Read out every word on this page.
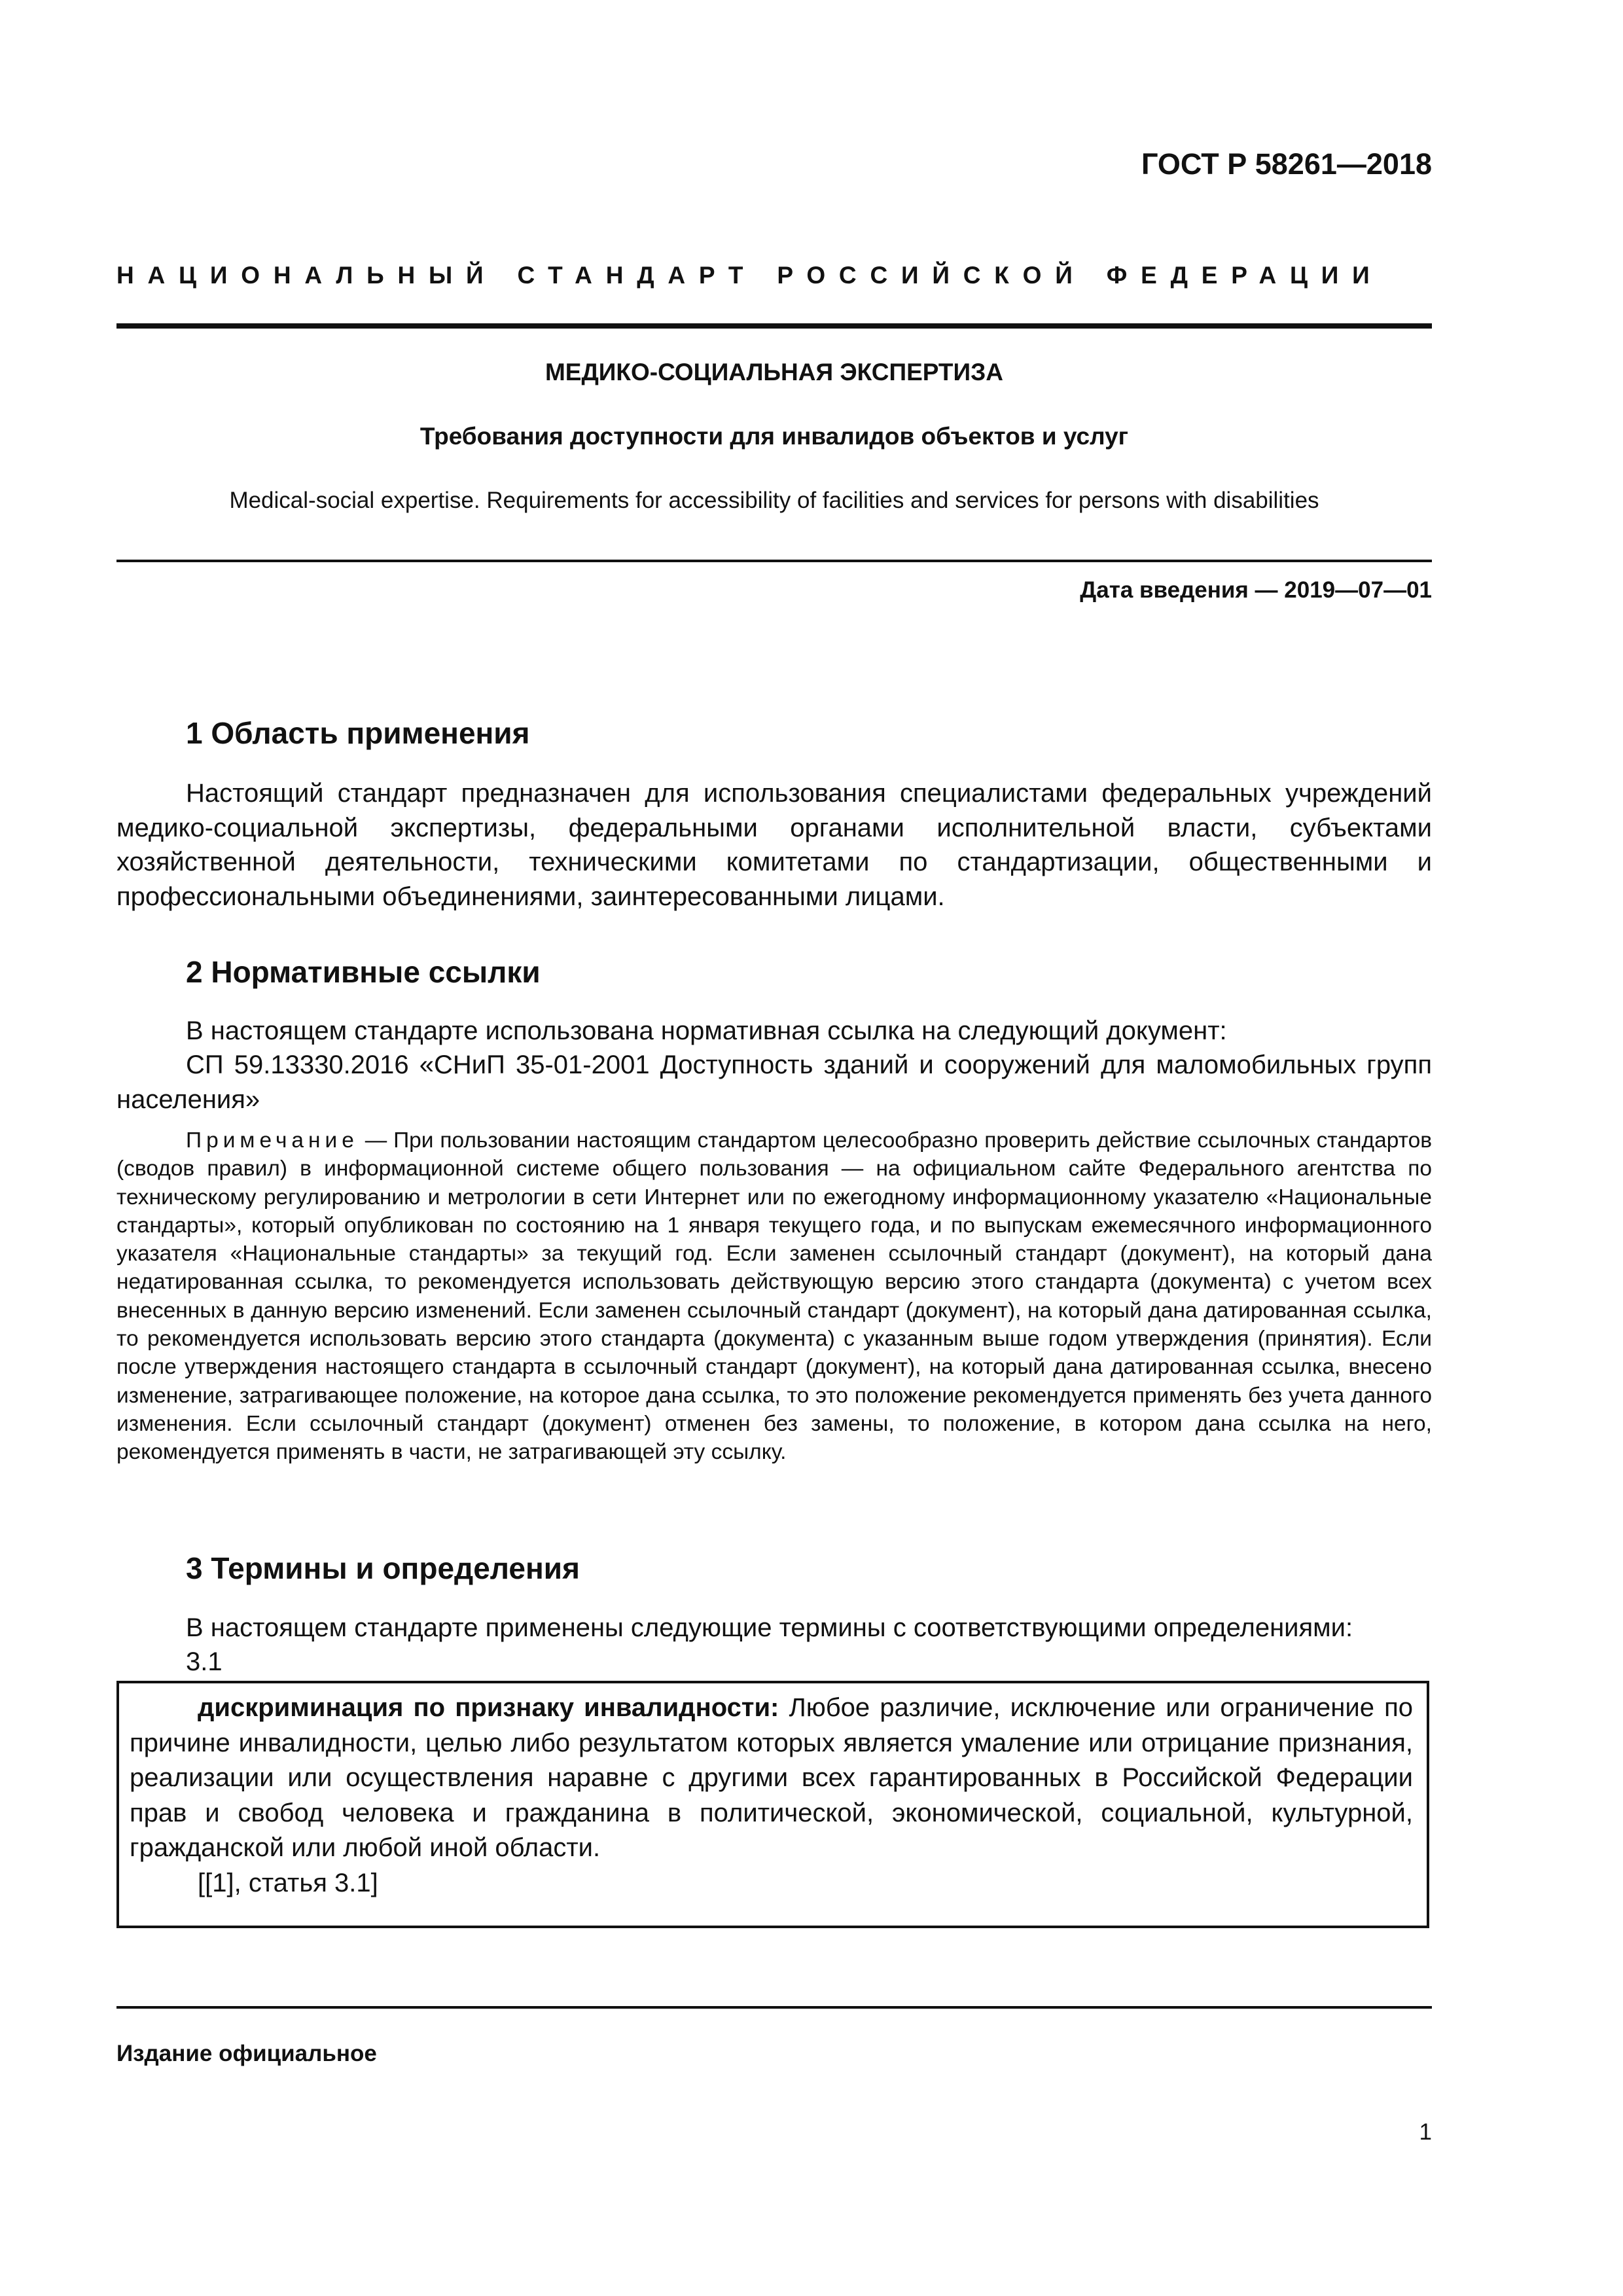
ГОСТ Р 58261—2018
НАЦИОНАЛЬНЫЙ СТАНДАРТ РОССИЙСКОЙ ФЕДЕРАЦИИ
МЕДИКО-СОЦИАЛЬНАЯ ЭКСПЕРТИЗА
Требования доступности для инвалидов объектов и услуг
Medical-social expertise. Requirements for accessibility of facilities and services for persons with disabilities
Дата введения — 2019—07—01
1 Область применения
Настоящий стандарт предназначен для использования специалистами федеральных учреждений медико-социальной экспертизы, федеральными органами исполнительной власти, субъектами хозяйственной деятельности, техническими комитетами по стандартизации, общественными и профессиональными объединениями, заинтересованными лицами.
2 Нормативные ссылки
В настоящем стандарте использована нормативная ссылка на следующий документ:
СП 59.13330.2016 «СНиП 35-01-2001 Доступность зданий и сооружений для маломобильных групп населения»
Примечание — При пользовании настоящим стандартом целесообразно проверить действие ссылочных стандартов (сводов правил) в информационной системе общего пользования — на официальном сайте Федерального агентства по техническому регулированию и метрологии в сети Интернет или по ежегодному информационному указателю «Национальные стандарты», который опубликован по состоянию на 1 января текущего года, и по выпускам ежемесячного информационного указателя «Национальные стандарты» за текущий год. Если заменен ссылочный стандарт (документ), на который дана недатированная ссылка, то рекомендуется использовать действующую версию этого стандарта (документа) с учетом всех внесенных в данную версию изменений. Если заменен ссылочный стандарт (документ), на который дана датированная ссылка, то рекомендуется использовать версию этого стандарта (документа) с указанным выше годом утверждения (принятия). Если после утверждения настоящего стандарта в ссылочный стандарт (документ), на который дана датированная ссылка, внесено изменение, затрагивающее положение, на которое дана ссылка, то это положение рекомендуется применять без учета данного изменения. Если ссылочный стандарт (документ) отменен без замены, то положение, в котором дана ссылка на него, рекомендуется применять в части, не затрагивающей эту ссылку.
3 Термины и определения
В настоящем стандарте применены следующие термины с соответствующими определениями:
3.1
дискриминация по признаку инвалидности: Любое различие, исключение или ограничение по причине инвалидности, целью либо результатом которых является умаление или отрицание признания, реализации или осуществления наравне с другими всех гарантированных в Российской Федерации прав и свобод человека и гражданина в политической, экономической, социальной, культурной, гражданской или любой иной области.
[[1], статья 3.1]
Издание официальное
1
